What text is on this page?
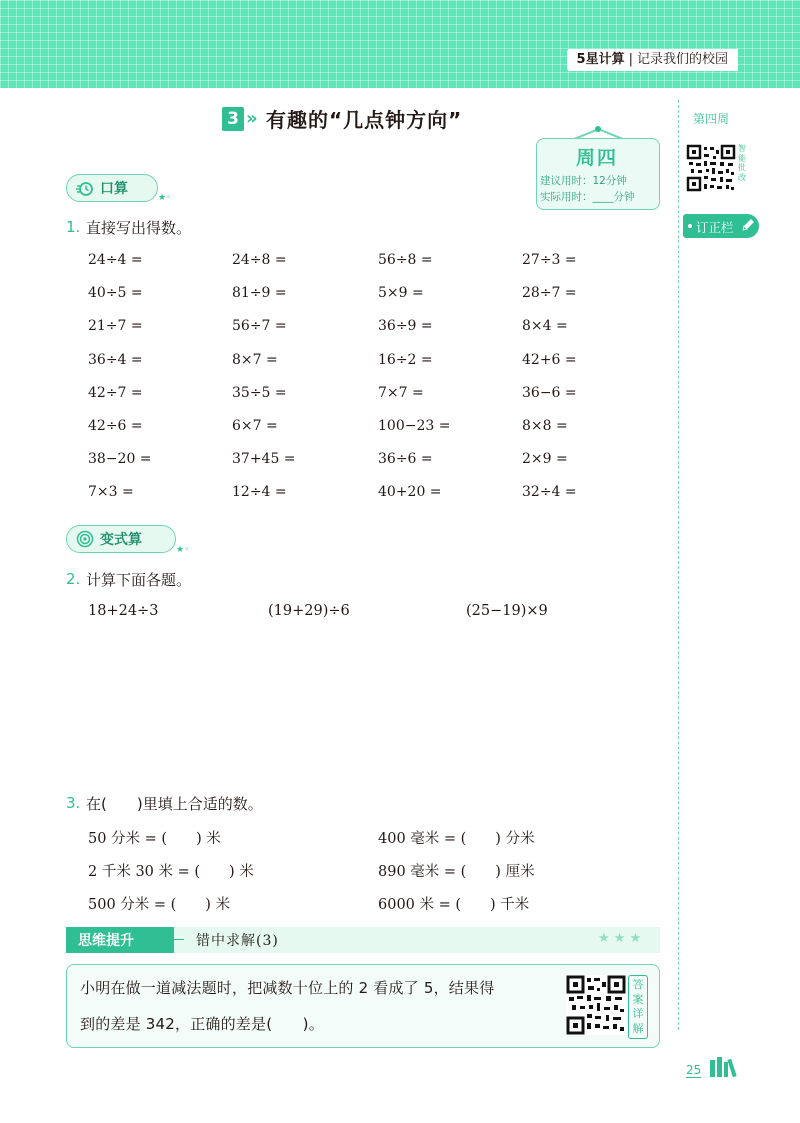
5星计算 | 记录我们的校园
3 » 有趣的“几点钟方向”
周四
建议用时：12分钟
实际用时：____分钟
第四周
智能批改
订正栏
口算
★◦
1. 直接写出得数。
24÷4 =	24÷8 =	56÷8 =	27÷3 =
40÷5 =	81÷9 =	5×9 =	28÷7 =
21÷7 =	56÷7 =	36÷9 =	8×4 =
36÷4 =	8×7 =	16÷2 =	42+6 =
42÷7 =	35÷5 =	7×7 =	36−6 =
42÷6 =	6×7 =	100−23 =	8×8 =
38−20 =	37+45 =	36÷6 =	2×9 =
7×3 =	12÷4 =	40+20 =	32÷4 =
变式算
★◦
2. 计算下面各题。
18+24÷3	(19+29)÷6	(25−19)×9
3. 在(　　)里填上合适的数。
50 分米 = (　　) 米	400 毫米 = (　　) 分米
2 千米 30 米 = (　　) 米	890 毫米 = (　　) 厘米
500 分米 = (　　) 米	6000 米 = (　　) 千米
思维提升	错中求解(3)	★ ★ ★
小明在做一道减法题时，把减数十位上的 2 看成了 5，结果得
到的差是 342，正确的差是(　　)。
答案详解
25
